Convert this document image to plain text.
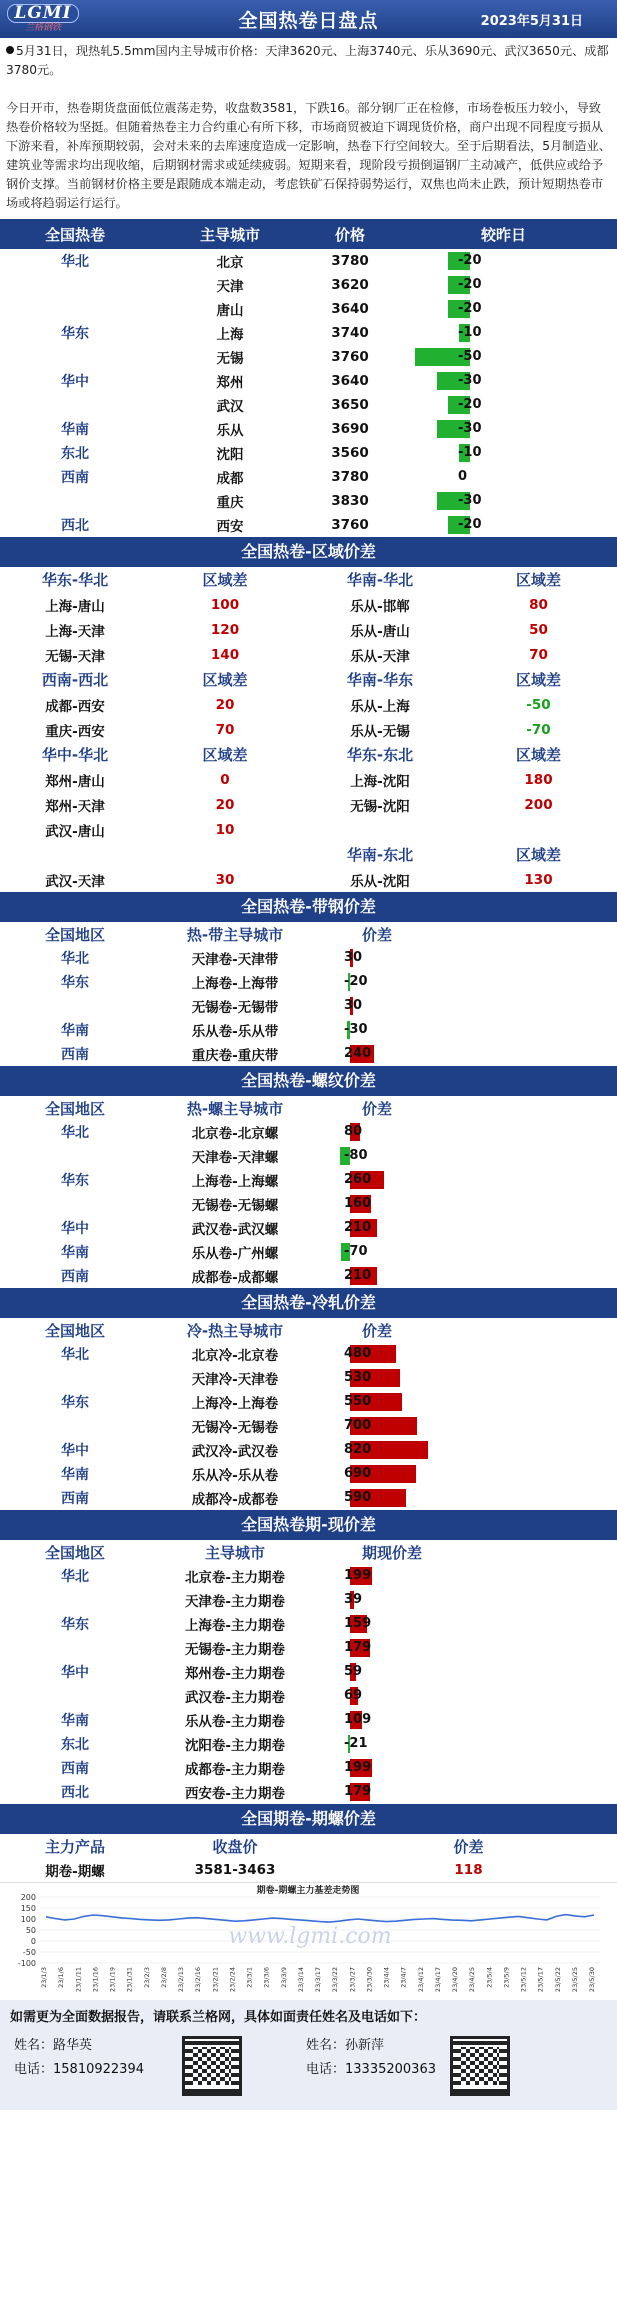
LGMI
兰格钢铁	全国热卷日盘点	2023年5月31日

5月31日，现热轧5.5mm国内主导城市价格：天津3620元、上海3740元、乐从3690元、武汉3650元、成都3780元。

今日开市，热卷期货盘面低位震荡走势，收盘数3581，下跌16。部分钢厂正在检修，市场卷板压力较小，导致热卷价格较为坚挺。但随着热卷主力合约重心有所下移，市场商贸被迫下调现货价格，商户出现不同程度亏损从下游来看，补库预期较弱，会对未来的去库速度造成一定影响，热卷下行空间较大。至于后期看法，5月制造业、建筑业等需求均出现收缩，后期钢材需求或延续疲弱。短期来看，现阶段亏损倒逼钢厂主动减产，低供应或给予钢价支撑。当前钢材价格主要是跟随成本端走动，考虑铁矿石保持弱势运行，双焦也尚未止跌，预计短期热卷市场或将趋弱运行运行。

全国热卷	主导城市	价格	较昨日
华北	北京	3780	-20

	天津	3620	-20

	唐山	3640	-20

华东	上海	3740	-10

	无锡	3760	-50

华中	郑州	3640	-30

	武汉	3650	-20

华南	乐从	3690	-30

东北	沈阳	3560	-10

西南	成都	3780	0

	重庆	3830	-30

西北	西安	3760	-20
全国热卷-区域价差
华东-华北	区域差	华南-华北	区域差
上海-唐山	100	乐从-邯郸	80
上海-天津	120	乐从-唐山	50
无锡-天津	140	乐从-天津	70
西南-西北	区域差	华南-华东	区域差
成都-西安	20	乐从-上海	-50
重庆-西安	70	乐从-无锡	-70
华中-华北	区域差	华东-东北	区域差
郑州-唐山	0	上海-沈阳	180
郑州-天津	20	无锡-沈阳	200
武汉-唐山	10		
		华南-东北	区域差
武汉-天津	30	乐从-沈阳	130
全国热卷-带钢价差
全国地区	热-带主导城市	价差
华北	天津卷-天津带	30

华东	上海卷-上海带	-20

	无锡卷-无锡带	30

华南	乐从卷-乐从带	-30

西南	重庆卷-重庆带	240
全国热卷-螺纹价差
全国地区	热-螺主导城市	价差
华北	北京卷-北京螺	80

	天津卷-天津螺	-80

华东	上海卷-上海螺	260

	无锡卷-无锡螺	160

华中	武汉卷-武汉螺	210

华南	乐从卷-广州螺	-70

西南	成都卷-成都螺	210
全国热卷-冷轧价差
全国地区	冷-热主导城市	价差
华北	北京冷-北京卷	480

	天津冷-天津卷	530

华东	上海冷-上海卷	550

	无锡冷-无锡卷	700

华中	武汉冷-武汉卷	820

华南	乐从冷-乐从卷	690

西南	成都冷-成都卷	590
全国热卷期-现价差
全国地区	主导城市	期现价差
华北	北京卷-主力期卷	199

	天津卷-主力期卷	39

华东	上海卷-主力期卷	159

	无锡卷-主力期卷	179

华中	郑州卷-主力期卷	59

	武汉卷-主力期卷	69

华南	乐从卷-主力期卷	109

东北	沈阳卷-主力期卷	-21

西南	成都卷-主力期卷	199

西北	西安卷-主力期卷	179
全国期卷-期螺价差
主力产品	收盘价	价差
期卷-期螺	3581-3463	118
期卷-期螺主力基差走势图
200
150
100
50
0
-50
-100
www.lgmi.com
23/1/3 23/1/6 23/1/11 23/1/16 23/1/19 23/1/31 23/2/3 23/2/8 23/2/13 23/2/16 23/2/21 23/2/24 23/3/1 23/3/6 23/3/9 23/3/14 23/3/17 23/3/22 23/3/27 23/3/30 23/4/4 23/4/7 23/4/12 23/4/17 23/4/20 23/4/25 23/5/4 23/5/9 23/5/12 23/5/17 23/5/22 23/5/25 23/5/30
如需更为全面数据报告，请联系兰格网，具体如面责任姓名及电话如下：
姓名：路华英
电话：15810922394
姓名：孙新萍
电话：13335200363
